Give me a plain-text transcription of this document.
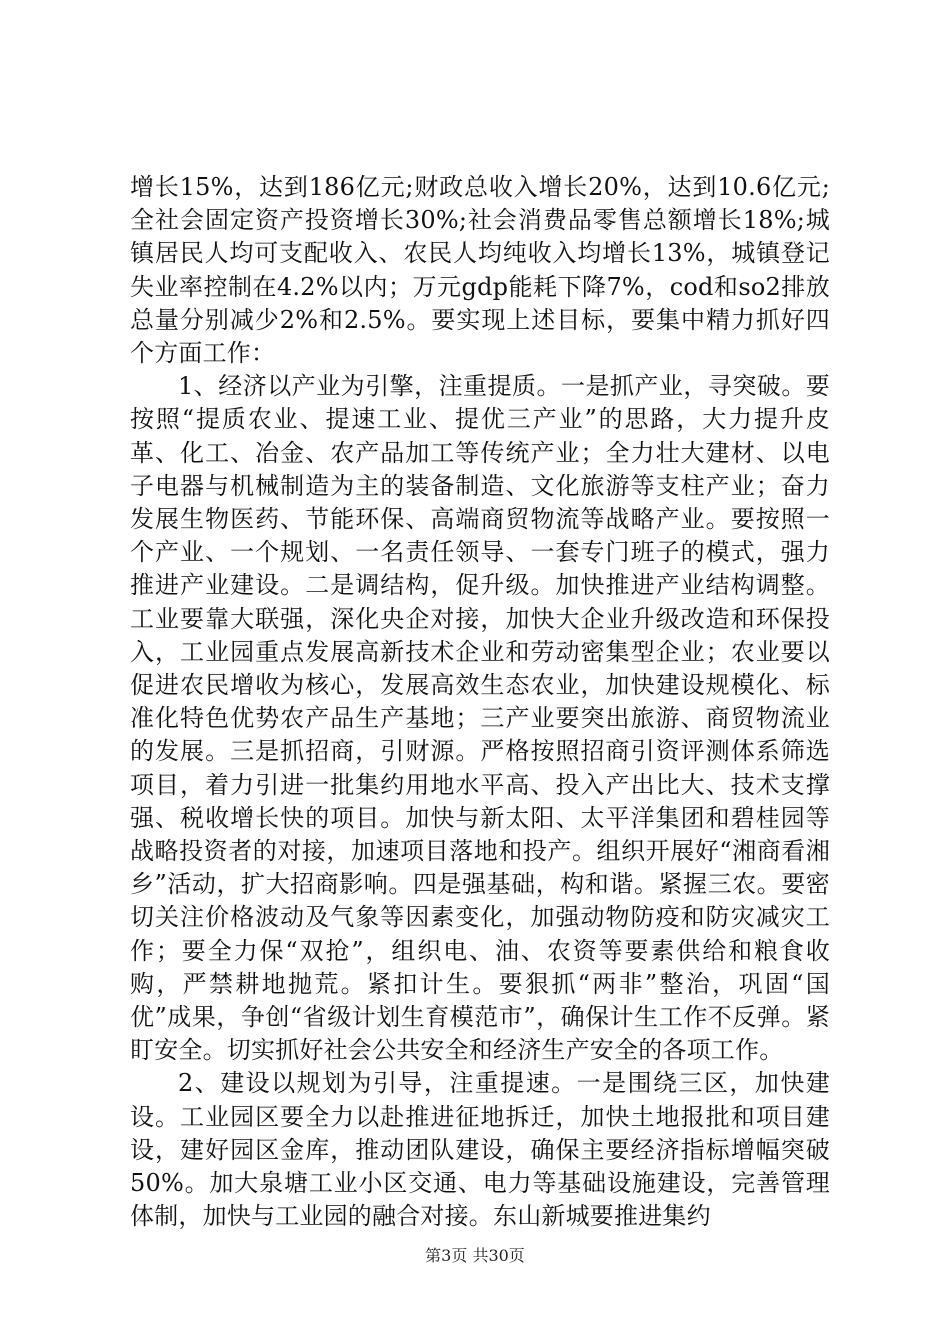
增长15%，达到186亿元;财政总收入增长20%，达到10.6亿元;全社会固定资产投资增长30%;社会消费品零售总额增长18%;城镇居民人均可支配收入、农民人均纯收入均增长13%，城镇登记失业率控制在4.2%以内；万元gdp能耗下降7%，cod和so2排放总量分别减少2%和2.5%。要实现上述目标，要集中精力抓好四个方面工作：

1、经济以产业为引擎，注重提质。一是抓产业，寻突破。要按照“提质农业、提速工业、提优三产业”的思路，大力提升皮革、化工、冶金、农产品加工等传统产业；全力壮大建材、以电子电器与机械制造为主的装备制造、文化旅游等支柱产业；奋力发展生物医药、节能环保、高端商贸物流等战略产业。要按照一个产业、一个规划、一名责任领导、一套专门班子的模式，强力推进产业建设。二是调结构，促升级。加快推进产业结构调整。工业要靠大联强，深化央企对接，加快大企业升级改造和环保投入，工业园重点发展高新技术企业和劳动密集型企业；农业要以促进农民增收为核心，发展高效生态农业，加快建设规模化、标准化特色优势农产品生产基地；三产业要突出旅游、商贸物流业的发展。三是抓招商，引财源。严格按照招商引资评测体系筛选项目，着力引进一批集约用地水平高、投入产出比大、技术支撑强、税收增长快的项目。加快与新太阳、太平洋集团和碧桂园等战略投资者的对接，加速项目落地和投产。组织开展好“湘商看湘乡”活动，扩大招商影响。四是强基础，构和谐。紧握三农。要密切关注价格波动及气象等因素变化，加强动物防疫和防灾减灾工作；要全力保“双抢”，组织电、油、农资等要素供给和粮食收购，严禁耕地抛荒。紧扣计生。要狠抓“两非”整治，巩固“国优”成果，争创“省级计划生育模范市”，确保计生工作不反弹。紧盯安全。切实抓好社会公共安全和经济生产安全的各项工作。

2、建设以规划为引导，注重提速。一是围绕三区，加快建设。工业园区要全力以赴推进征地拆迁，加快土地报批和项目建设，建好园区金库，推动团队建设，确保主要经济指标增幅突破50%。加大泉塘工业小区交通、电力等基础设施建设，完善管理体制，加快与工业园的融合对接。东山新城要推进集约

第3页 共30页
